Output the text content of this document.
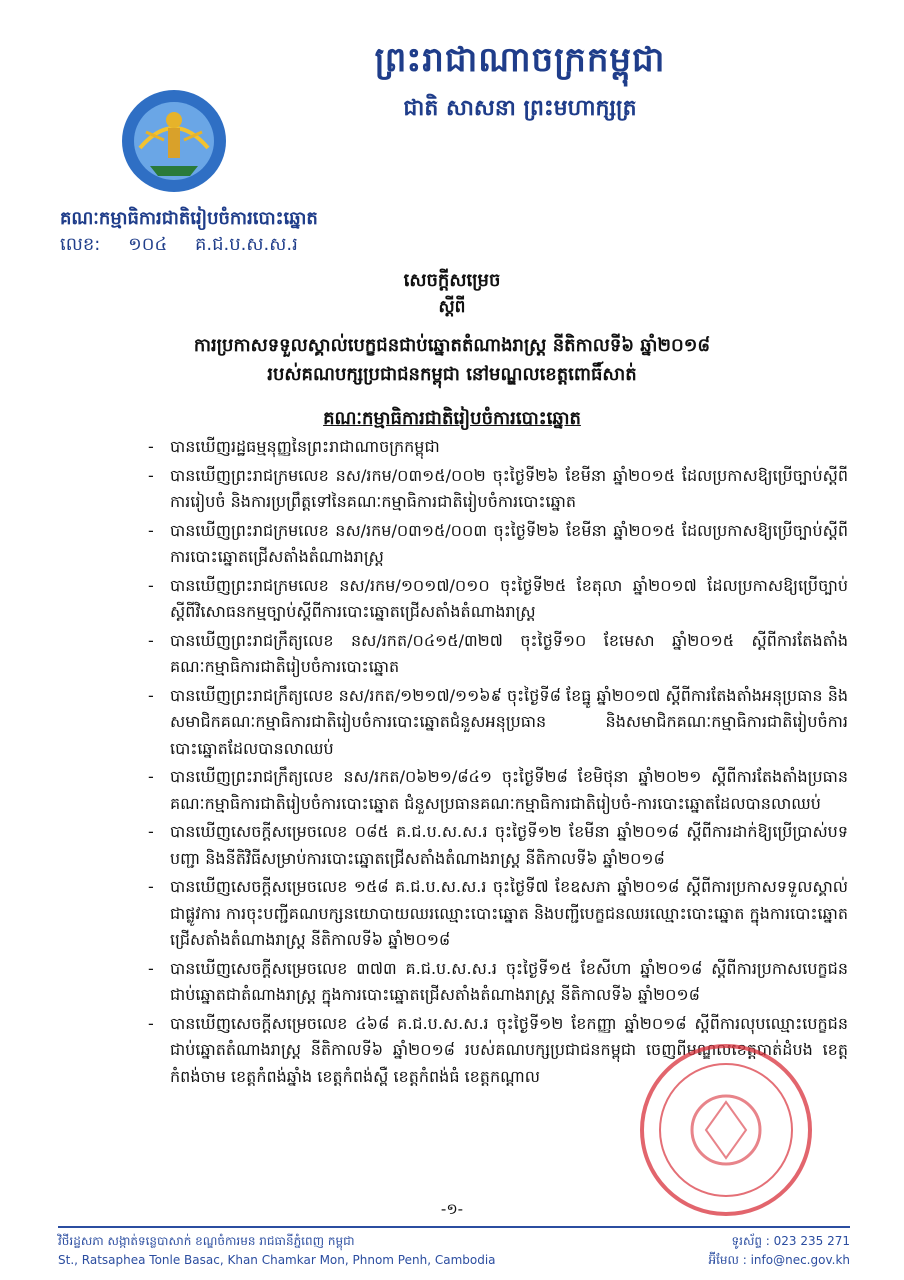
ព្រះរាជាណាចក្រកម្ពុជា
ជាតិ សាសនា ព្រះមហាក្សត្រ
គណៈកម្មាធិការជាតិរៀបចំការបោះឆ្នោត
លេខ: ១០៤ គ.ជ.ប.ស.ស.រ
សេចក្តីសម្រេច
ស្តីពី
ការប្រកាសទទួលស្គាល់បេក្ខជនជាប់ឆ្នោតតំណាងរាស្ត្រ នីតិកាលទី៦ ឆ្នាំ២០១៨
របស់គណបក្សប្រជាជនកម្ពុជា នៅមណ្ឌលខេត្តពោធិ៍សាត់
គណៈកម្មាធិការជាតិរៀបចំការបោះឆ្នោត
-	បានឃើញរដ្ឋធម្មនុញ្ញនៃព្រះរាជាណាចក្រកម្ពុជា
-	បានឃើញព្រះរាជក្រមលេខ នស/រកម/០៣១៥/០០២ ចុះថ្ងៃទី២៦ ខែមីនា ឆ្នាំ២០១៥ ដែលប្រកាសឱ្យប្រើច្បាប់ស្តីពីការរៀបចំ និងការប្រព្រឹត្តទៅនៃគណៈកម្មាធិការជាតិរៀបចំការបោះឆ្នោត
-	បានឃើញព្រះរាជក្រមលេខ នស/រកម/០៣១៥/០០៣ ចុះថ្ងៃទី២៦ ខែមីនា ឆ្នាំ២០១៥ ដែលប្រកាសឱ្យប្រើច្បាប់ស្តីពីការបោះឆ្នោតជ្រើសតាំងតំណាងរាស្ត្រ
-	បានឃើញព្រះរាជក្រមលេខ នស/រកម/១០១៧/០១០ ចុះថ្ងៃទី២៥ ខែតុលា ឆ្នាំ២០១៧ ដែលប្រកាសឱ្យប្រើច្បាប់ស្តីពីវិសោធនកម្មច្បាប់ស្តីពីការបោះឆ្នោតជ្រើសតាំងតំណាងរាស្ត្រ
-	បានឃើញព្រះរាជក្រឹត្យលេខ នស/រកត/០៤១៥/៣២៧ ចុះថ្ងៃទី១០ ខែមេសា ឆ្នាំ២០១៥ ស្តីពីការតែងតាំងគណៈកម្មាធិការជាតិរៀបចំការបោះឆ្នោត
-	បានឃើញព្រះរាជក្រឹត្យលេខ នស/រកត/១២១៧/១១៦៩ ចុះថ្ងៃទី៨ ខែធ្នូ ឆ្នាំ២០១៧ ស្តីពីការតែងតាំងអនុប្រធាន និងសមាជិកគណៈកម្មាធិការជាតិរៀបចំការបោះឆ្នោតជំនួសអនុប្រធាន និងសមាជិកគណៈកម្មាធិការជាតិរៀបចំការបោះឆ្នោតដែលបានលាឈប់
-	បានឃើញព្រះរាជក្រឹត្យលេខ នស/រកត/០៦២១/៨៤១ ចុះថ្ងៃទី២៨ ខែមិថុនា ឆ្នាំ២០២១ ស្តីពីការតែងតាំងប្រធានគណៈកម្មាធិការជាតិរៀបចំការបោះឆ្នោត ជំនួសប្រធានគណៈកម្មាធិការជាតិរៀបចំ-ការបោះឆ្នោតដែលបានលាឈប់
-	បានឃើញសេចក្តីសម្រេចលេខ ០៨៥ គ.ជ.ប.ស.ស.រ ចុះថ្ងៃទី១២ ខែមីនា ឆ្នាំ២០១៨ ស្តីពីការដាក់ឱ្យប្រើប្រាស់បទបញ្ជា និងនីតិវិធីសម្រាប់ការបោះឆ្នោតជ្រើសតាំងតំណាងរាស្ត្រ នីតិកាលទី៦ ឆ្នាំ២០១៨
-	បានឃើញសេចក្តីសម្រេចលេខ ១៥៨ គ.ជ.ប.ស.ស.រ ចុះថ្ងៃទី៧ ខែឧសភា ឆ្នាំ២០១៨ ស្តីពីការប្រកាសទទួលស្គាល់ជាផ្លូវការ ការចុះបញ្ជីគណបក្សនយោបាយឈរឈ្មោះបោះឆ្នោត និងបញ្ជីបេក្ខជនឈរឈ្មោះបោះឆ្នោត ក្នុងការបោះឆ្នោតជ្រើសតាំងតំណាងរាស្ត្រ នីតិកាលទី៦ ឆ្នាំ២០១៨
-	បានឃើញសេចក្តីសម្រេចលេខ ៣៧៣ គ.ជ.ប.ស.ស.រ ចុះថ្ងៃទី១៥ ខែសីហា ឆ្នាំ២០១៨ ស្តីពីការប្រកាសបេក្ខជនជាប់ឆ្នោតជាតំណាងរាស្ត្រ ក្នុងការបោះឆ្នោតជ្រើសតាំងតំណាងរាស្ត្រ នីតិកាលទី៦ ឆ្នាំ២០១៨
-	បានឃើញសេចក្តីសម្រេចលេខ ៤៦៨ គ.ជ.ប.ស.ស.រ ចុះថ្ងៃទី១២ ខែកញ្ញា ឆ្នាំ២០១៨ ស្តីពីការលុបឈ្មោះបេក្ខជនជាប់ឆ្នោតតំណាងរាស្ត្រ នីតិកាលទី៦ ឆ្នាំ២០១៨ របស់គណបក្សប្រជាជនកម្ពុជា ចេញពីមណ្ឌលខេត្តបាត់ដំបង ខេត្តកំពង់ចាម ខេត្តកំពង់ឆ្នាំង ខេត្តកំពង់ស្ពឺ ខេត្តកំពង់ធំ ខេត្តកណ្តាល
-១-
វិថីរដ្ឋសភា សង្កាត់ទន្លេបាសាក់ ខណ្ឌចំការមន រាជធានីភ្នំពេញ កម្ពុជា
St., Ratsaphea Tonle Basac, Khan Chamkar Mon, Phnom Penh, Cambodia
ទូរស័ព្ទ : 023 235 271
អ៊ីមែល : info@nec.gov.kh
